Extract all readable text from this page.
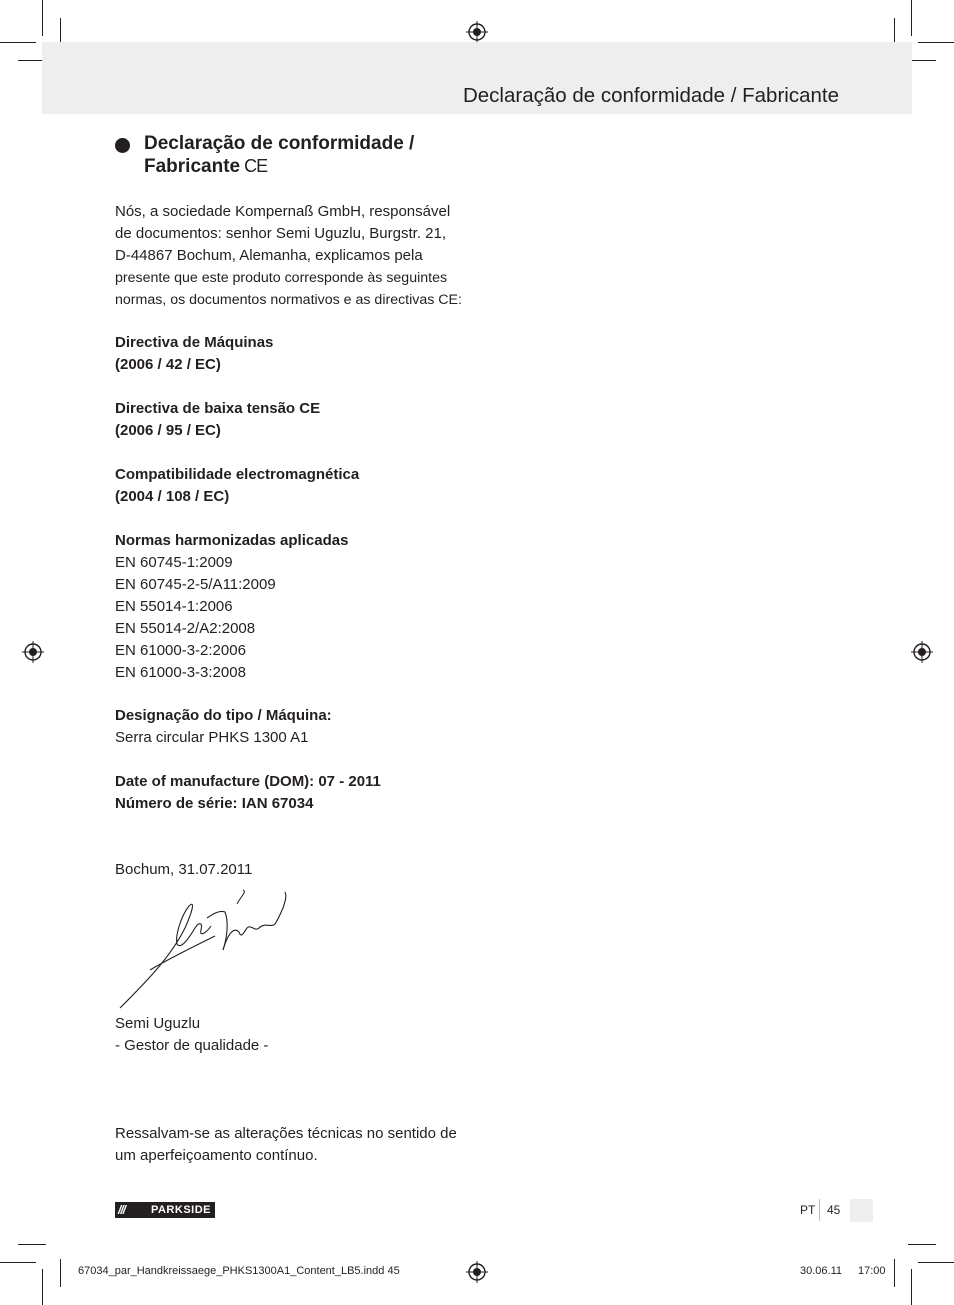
Declaração de conformidade / Fabricante
Declaração de conformidade /
Fabricante CE
Nós, a sociedade Kompernaß GmbH, responsável
de documentos: senhor Semi Uguzlu, Burgstr. 21,
D-44867 Bochum, Alemanha, explicamos pela
presente que este produto corresponde às seguintes
normas, os documentos normativos e as directivas CE:
Directiva de Máquinas
(2006 / 42 / EC)
Directiva de baixa tensão CE
(2006 / 95 / EC)
Compatibilidade electromagnética
(2004 / 108 / EC)
Normas harmonizadas aplicadas
EN 60745-1:2009
EN 60745-2-5/A11:2009
EN 55014-1:2006
EN 55014-2/A2:2008
EN 61000-3-2:2006
EN 61000-3-3:2008
Designação do tipo / Máquina:
Serra circular PHKS 1300 A1
Date of manufacture (DOM): 07 - 2011
Número de série: IAN 67034
Bochum, 31.07.2011
Semi Uguzlu
- Gestor de qualidade -
Ressalvam-se as alterações técnicas no sentido de
um aperfeiçoamento contínuo.
/// PARKSIDE	PT 45
67034_par_Handkreissaege_PHKS1300A1_Content_LB5.indd 45	30.06.11 17:00
